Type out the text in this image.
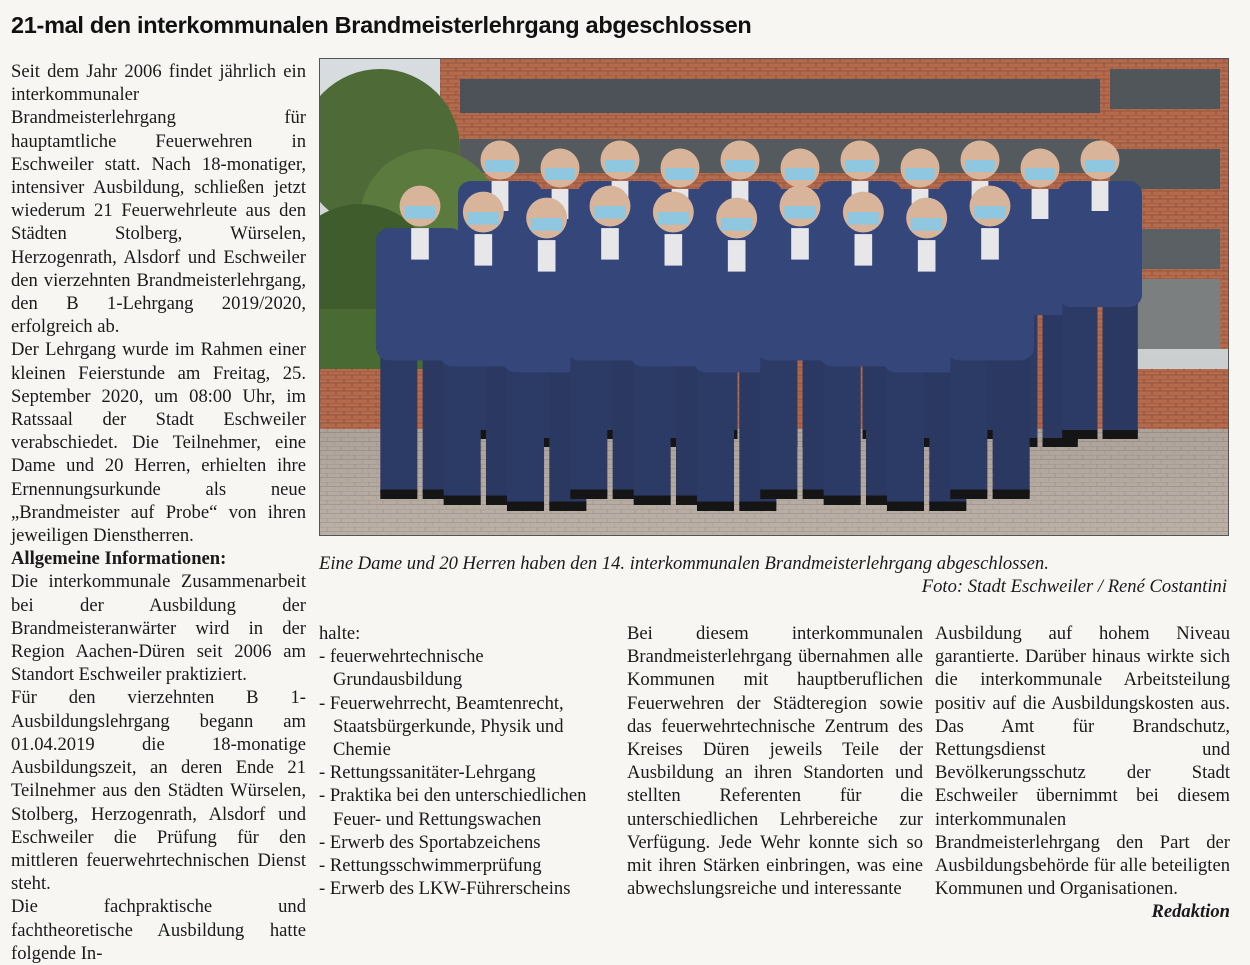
21-mal den interkommunalen Brandmeisterlehrgang abgeschlossen

Seit dem Jahr 2006 findet jährlich ein interkommunaler Brandmeisterlehrgang für hauptamtliche Feuerwehren in Eschweiler statt. Nach 18-monatiger, intensiver Ausbildung, schließen jetzt wiederum 21 Feuerwehrleute aus den Städten Stolberg, Würselen, Herzogenrath, Alsdorf und Eschweiler den vierzehnten Brandmeisterlehrgang, den B 1-Lehrgang 2019/2020, erfolgreich ab.

Der Lehrgang wurde im Rahmen einer kleinen Feierstunde am Freitag, 25. September 2020, um 08:00 Uhr, im Ratssaal der Stadt Eschweiler verabschiedet. Die Teilnehmer, eine Dame und 20 Herren, erhielten ihre Ernennungsurkunde als neue „Brandmeister auf Probe“ von ihren jeweiligen Dienstherren.

Allgemeine Informationen:

Die interkommunale Zusammenarbeit bei der Ausbildung der Brandmeisteranwärter wird in der Region Aachen-Düren seit 2006 am Standort Eschweiler praktiziert.

Für den vierzehnten B 1-Ausbildungslehrgang begann am 01.04.2019 die 18-monatige Ausbildungszeit, an deren Ende 21 Teilnehmer aus den Städten Würselen, Stolberg, Herzogenrath, Alsdorf und Eschweiler die Prüfung für den mittleren feuerwehrtechnischen Dienst steht.

Die fachpraktische und fachtheoretische Ausbildung hatte folgende In-

Eine Dame und 20 Herren haben den 14. interkommunalen Brandmeisterlehrgang abgeschlossen.

Foto: Stadt Eschweiler / René Costantini

halte:

- feuerwehrtechnische Grundausbildung
- Feuerwehrrecht, Beamtenrecht, Staatsbürgerkunde, Physik und Chemie
- Rettungssanitäter-Lehrgang
- Praktika bei den unterschiedlichen Feuer- und Rettungswachen
- Erwerb des Sportabzeichens
- Rettungsschwimmerprüfung
- Erwerb des LKW-Führerscheins

Bei diesem interkommunalen Brandmeisterlehrgang übernahmen alle Kommunen mit hauptberuflichen Feuerwehren der Städteregion sowie das feuerwehrtechnische Zentrum des Kreises Düren jeweils Teile der Ausbildung an ihren Standorten und stellten Referenten für die unterschiedlichen Lehrbereiche zur Verfügung. Jede Wehr konnte sich so mit ihren Stärken einbringen, was eine abwechslungsreiche und interessante

Ausbildung auf hohem Niveau garantierte. Darüber hinaus wirkte sich die interkommunale Arbeitsteilung positiv auf die Ausbildungskosten aus. Das Amt für Brandschutz, Rettungsdienst und Bevölkerungsschutz der Stadt Eschweiler übernimmt bei diesem interkommunalen Brandmeisterlehrgang den Part der Ausbildungsbehörde für alle beteiligten Kommunen und Organisationen.

Redaktion
